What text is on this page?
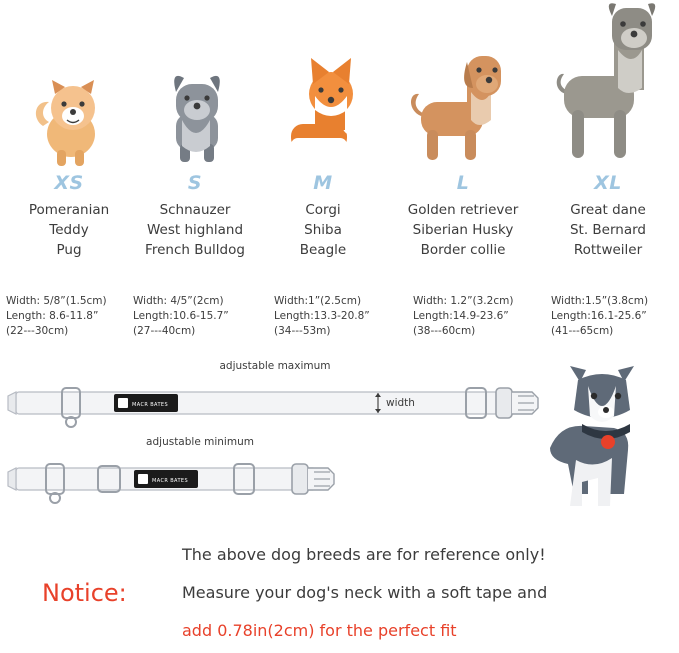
XS
Pomeranian
Teddy
Pug
S
Schnauzer
West highland
French Bulldog
M
Corgi
Shiba
Beagle
L
Golden retriever
Siberian Husky
Border collie
XL
Great dane
St. Bernard
Rottweiler
Width: 5/8”(1.5cm)
Length: 8.6-11.8”
(22---30cm)
Width: 4/5”(2cm)
Length:10.6-15.7”
(27---40cm)
Width:1”(2.5cm)
Length:13.3-20.8”
(34---53m)
Width: 1.2”(3.2cm)
Length:14.9-23.6”
(38---60cm)
Width:1.5”(3.8cm)
Length:16.1-25.6”
(41---65cm)
adjustable maximum
MACR BATES	width
adjustable minimum
MACR BATES
The above dog breeds are for reference only!
Notice:	Measure your dog's neck with a soft tape and
add 0.78in(2cm) for the perfect fit
